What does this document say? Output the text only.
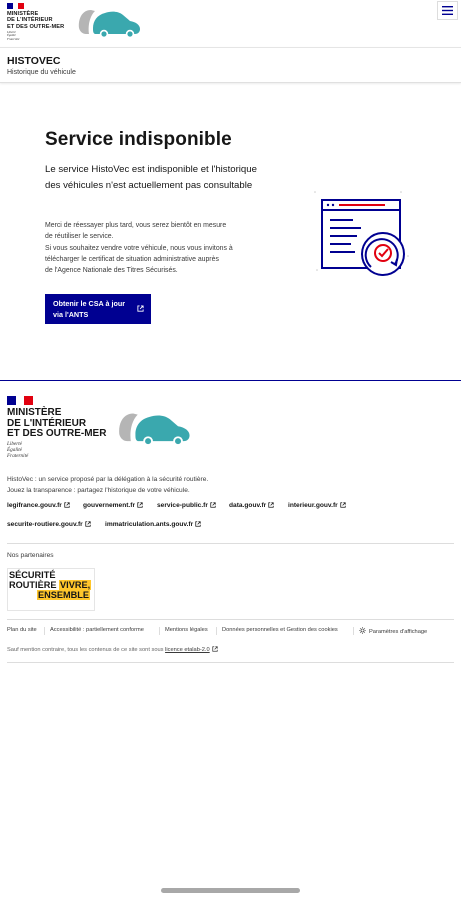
MINISTÈRE
DE L'INTÉRIEUR
ET DES OUTRE-MER
Liberté
Égalité
Fraternité
HISTOVEC
Historique du véhicule
Service indisponible

Le service HistoVec est indisponible et l'historique des véhicules n'est actuellement pas consultable

Merci de réessayer plus tard, vous serez bientôt en mesure
de réutiliser le service.
Si vous souhaitez vendre votre véhicule, nous vous invitons à
télécharger le certificat de situation administrative auprès
de l'Agence Nationale des Titres Sécurisés.
Obtenir le CSA à jour
via l'ANTS
MINISTÈRE
DE L'INTÉRIEUR
ET DES OUTRE-MER
Liberté
Égalité
Fraternité
HistoVec : un service proposé par la délégation à la sécurité routière.
Jouez la transparence : partagez l'historique de votre véhicule.
legifrance.gouv.fr	gouvernement.fr	service-public.fr	data.gouv.fr	interieur.gouv.fr
securite-routiere.gouv.fr	immatriculation.ants.gouv.fr
Nos partenaires
SÉCURITÉ
ROUTIÈRE VIVRE,
ENSEMBLE
Plan du site Accessibilité : partiellement conforme	Mentions légales	Données personnelles et Gestion des cookies	Paramètres d'affichage
Sauf mention contraire, tous les contenus de ce site sont sous licence etalab-2.0
